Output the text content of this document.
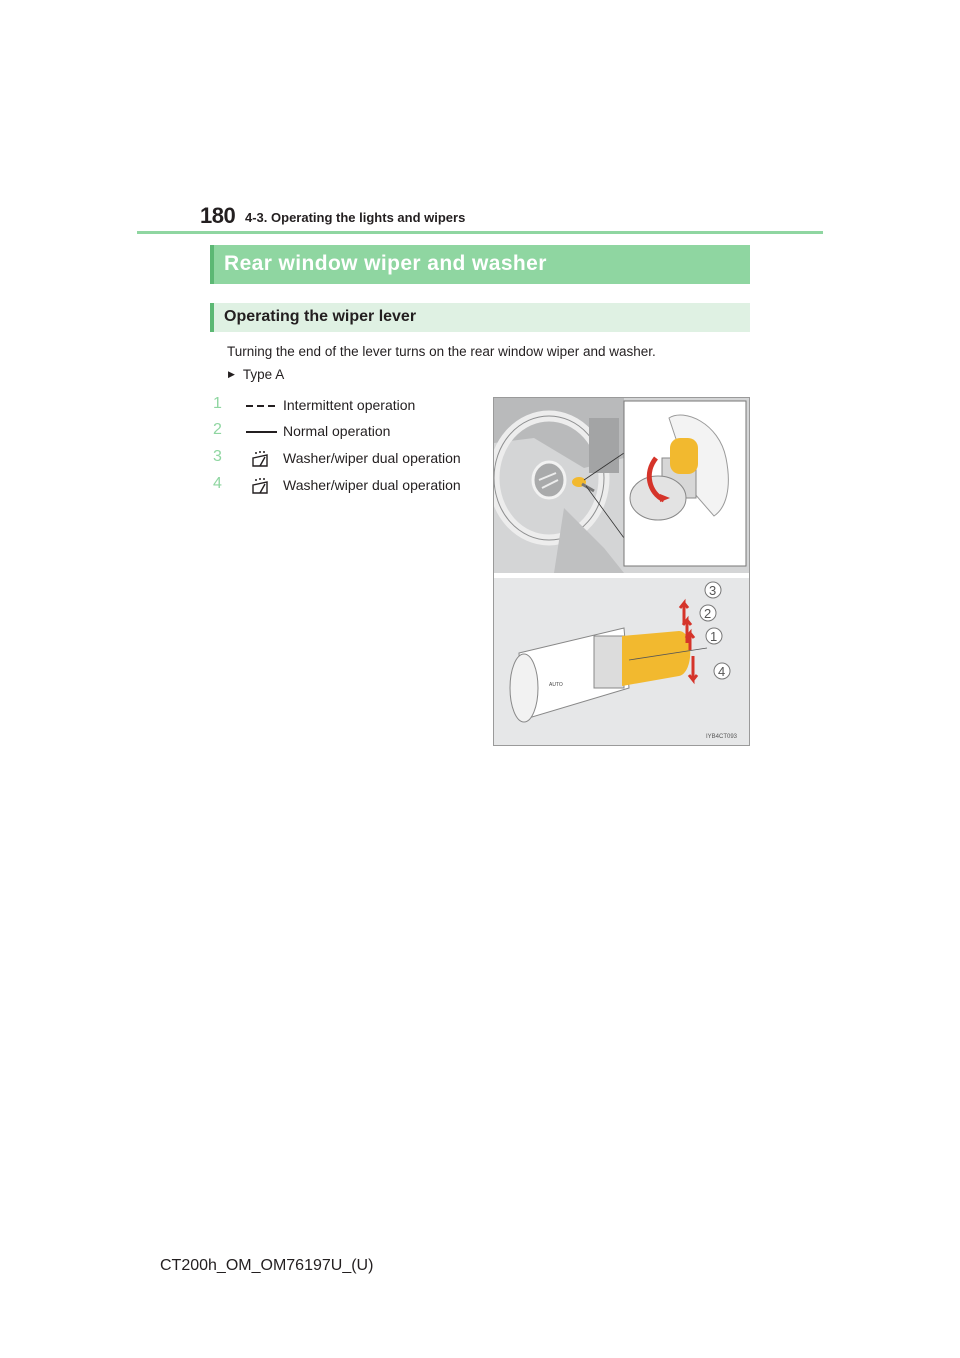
180 4-3. Operating the lights and wipers
Rear window wiper and washer
Operating the wiper lever
Turning the end of the lever turns on the rear window wiper and washer.
▶ Type A
1	Intermittent operation
2	Normal operation
3	Washer/wiper dual operation
4	Washer/wiper dual operation
AUTO
3
2
1
4
IYB4CT093
CT200h_OM_OM76197U_(U)
